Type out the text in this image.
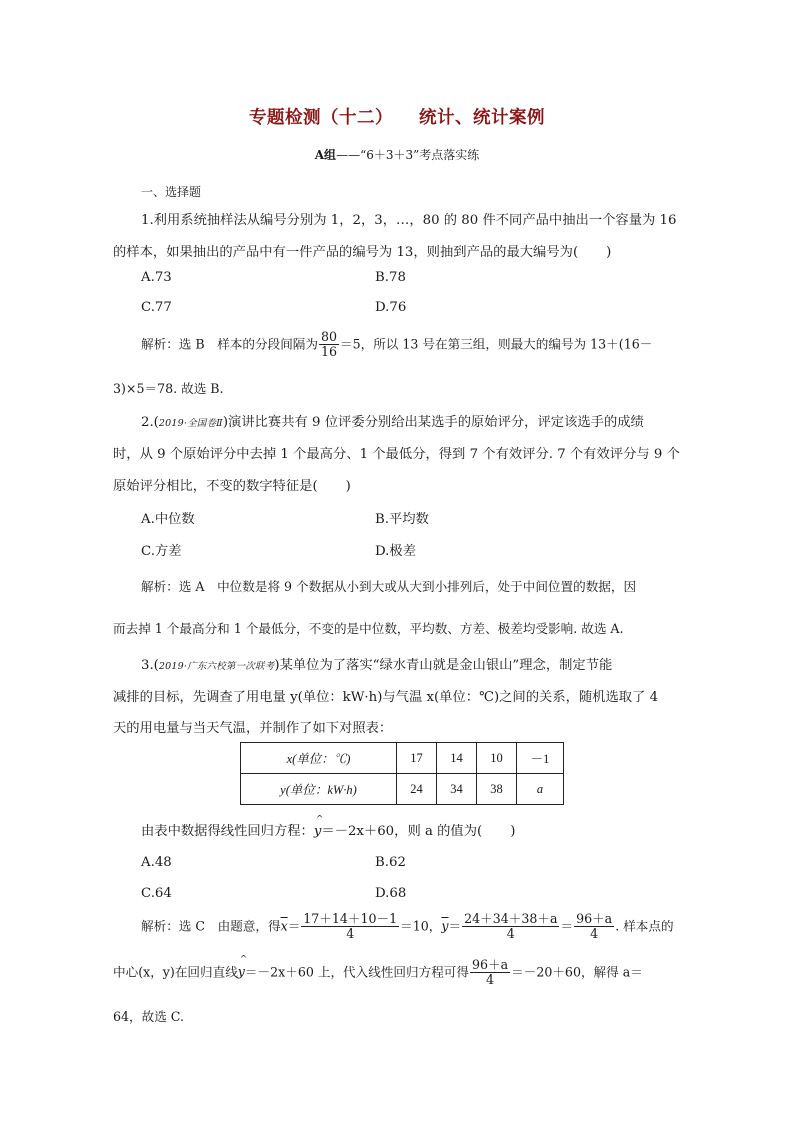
专题检测（十二） 统计、统计案例
A组——“6＋3＋3”考点落实练
一、选择题
1.利用系统抽样法从编号分别为 1，2，3，…，80 的 80 件不同产品中抽出一个容量为 16
的样本，如果抽出的产品中有一件产品的编号为 13，则抽到产品的最大编号为( )
A.73	B.78
C.77	D.76
解析：选 B　样本的分段间隔为 $\frac{80}{16} =5$，所以 13 号在第三组，则最大的编号为 13＋(16－
3)×5＝78. 故选 B.
2.(2019·全国卷Ⅱ)演讲比赛共有 9 位评委分别给出某选手的原始评分，评定该选手的成绩
时，从 9 个原始评分中去掉 1 个最高分、1 个最低分，得到 7 个有效评分. 7 个有效评分与 9 个
原始评分相比，不变的数字特征是( )
A.中位数	B.平均数
C.方差	D.极差
解析：选 A　中位数是将 9 个数据从小到大或从大到小排列后，处于中间位置的数据，因
而去掉 1 个最高分和 1 个最低分，不变的是中位数，平均数、方差、极差均受影响. 故选 A.
3.(2019·广东六校第一次联考)某单位为了落实“绿水青山就是金山银山”理念，制定节能
减排的目标，先调查了用电量 y(单位：kW·h)与气温 x(单位：℃)之间的关系，随机选取了 4
天的用电量与当天气温，并制作了如下对照表：
x(单位：℃)	17	14	10	－1
y(单位：kW·h)	24	34	38	a
由表中数据得线性回归方程：^ y＝－2x＋60，则 a 的值为( )
A.48	B.62
C.64	D.68
解析：选 C　由题意，得$\overline{x}= \frac{17+14+10-1}{4} =10$，$\overline{y}= \frac{24+34+38+a}{4} = \frac{96+a}{4}$ . 样本点的
中心(x，y)在回归直线^ y＝－2x＋60 上，代入线性回归方程可得 $\frac{96+a}{4} =-20+60$，解得 a＝
64，故选 C.
